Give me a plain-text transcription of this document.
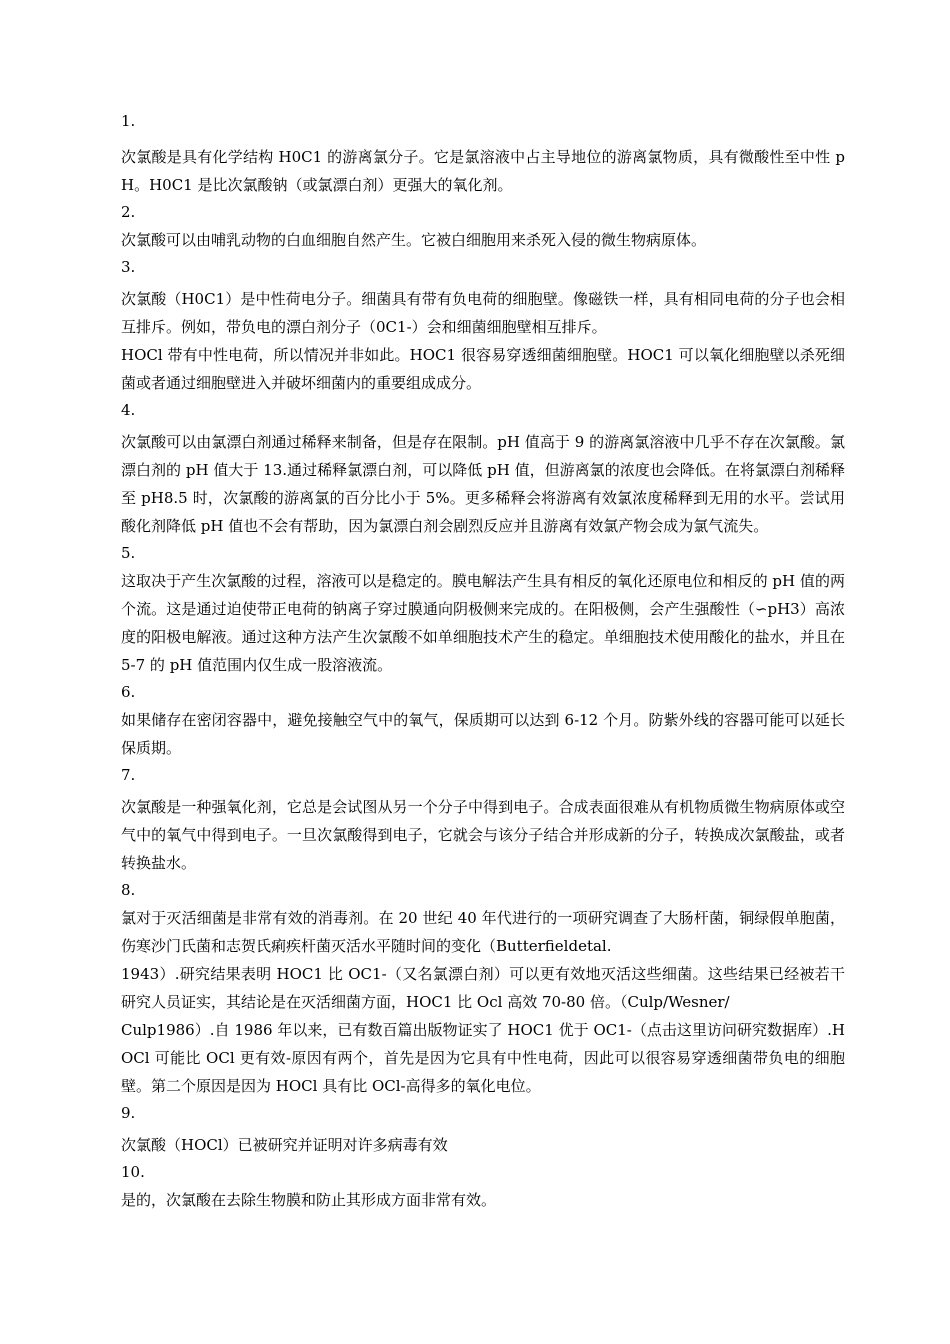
1.

次氯酸是具有化学结构 H0C1 的游离氯分子。它是氯溶液中占主导地位的游离氯物质，具有微酸性至中性 pH。H0C1 是比次氯酸钠（或氯漂白剂）更强大的氧化剂。

2.

次氯酸可以由哺乳动物的白血细胞自然产生。它被白细胞用来杀死入侵的微生物病原体。

3.

次氯酸（H0C1）是中性荷电分子。细菌具有带有负电荷的细胞壁。像磁铁一样，具有相同电荷的分子也会相互排斥。例如，带负电的漂白剂分子（0C1-）会和细菌细胞壁相互排斥。

HOCl 带有中性电荷，所以情况并非如此。HOC1 很容易穿透细菌细胞壁。HOC1 可以氧化细胞壁以杀死细菌或者通过细胞壁进入并破坏细菌内的重要组成成分。

4.

次氯酸可以由氯漂白剂通过稀释来制备，但是存在限制。pH 值高于 9 的游离氯溶液中几乎不存在次氯酸。氯漂白剂的 pH 值大于 13.通过稀释氯漂白剂，可以降低 pH 值，但游离氯的浓度也会降低。在将氯漂白剂稀释至 pH8.5 时，次氯酸的游离氯的百分比小于 5%。更多稀释会将游离有效氯浓度稀释到无用的水平。尝试用酸化剂降低 pH 值也不会有帮助，因为氯漂白剂会剧烈反应并且游离有效氯产物会成为氯气流失。

5.

这取决于产生次氯酸的过程，溶液可以是稳定的。膜电解法产生具有相反的氧化还原电位和相反的 pH 值的两个流。这是通过迫使带正电荷的钠离子穿过膜通向阴极侧来完成的。在阳极侧，会产生强酸性（∽pH3）高浓度的阳极电解液。通过这种方法产生次氯酸不如单细胞技术产生的稳定。单细胞技术使用酸化的盐水，并且在 5-7 的 pH 值范围内仅生成一股溶液流。

6.

如果储存在密闭容器中，避免接触空气中的氧气，保质期可以达到 6-12 个月。防紫外线的容器可能可以延长保质期。

7.

次氯酸是一种强氧化剂，它总是会试图从另一个分子中得到电子。合成表面很难从有机物质微生物病原体或空气中的氧气中得到电子。一旦次氯酸得到电子，它就会与该分子结合并形成新的分子，转换成次氯酸盐，或者转换盐水。

8.

氯对于灭活细菌是非常有效的消毒剂。在 20 世纪 40 年代进行的一项研究调查了大肠杆菌，铜绿假单胞菌，伤寒沙门氏菌和志贺氏痢疾杆菌灭活水平随时间的变化（Butterfieldetal.

1943）.研究结果表明 HOC1 比 OC1-（又名氯漂白剂）可以更有效地灭活这些细菌。这些结果已经被若干研究人员证实，其结论是在灭活细菌方面，HOC1 比 Ocl 高效 70-80 倍。（Culp/Wesner/

Culp1986）.自 1986 年以来，已有数百篇出版物证实了 HOC1 优于 OC1-（点击这里访问研究数据库）.HOCl 可能比 OCl 更有效-原因有两个，首先是因为它具有中性电荷，因此可以很容易穿透细菌带负电的细胞壁。第二个原因是因为 HOCl 具有比 OCl-高得多的氧化电位。

9.

次氯酸（HOCl）已被研究并证明对许多病毒有效

10.

是的，次氯酸在去除生物膜和防止其形成方面非常有效。
